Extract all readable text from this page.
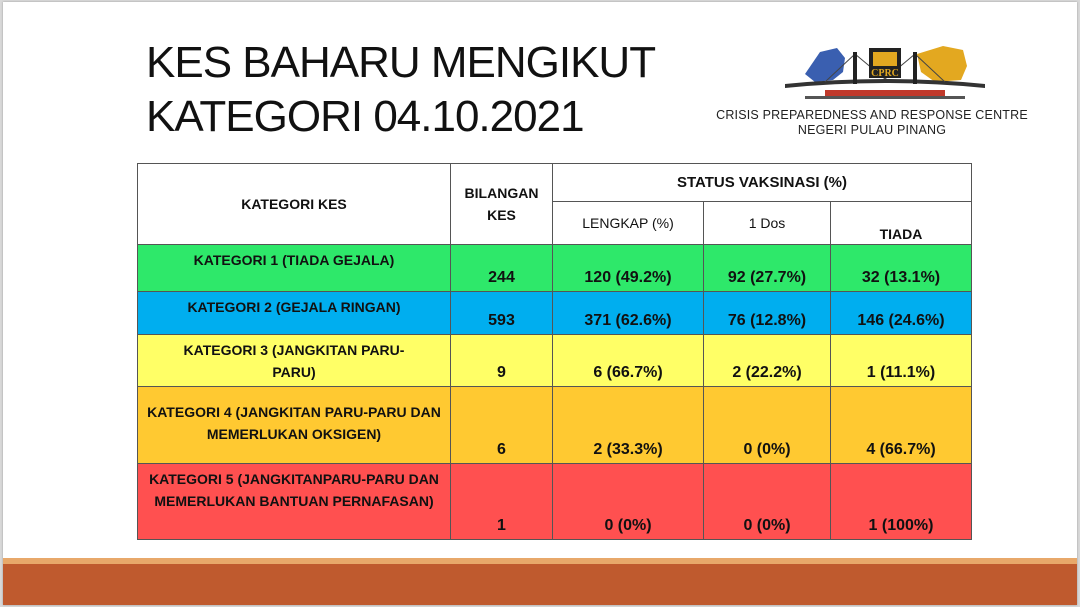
KES BAHARU MENGIKUT
KATEGORI 04.10.2021
CPRC
CRISIS PREPAREDNESS AND RESPONSE CENTRE
NEGERI PULAU PINANG
KATEGORI KES	BILANGAN KES	STATUS VAKSINASI (%)		
		LENGKAP (%)	1 Dos	TIADA
KATEGORI 1 (TIADA GEJALA)	244	120 (49.2%)	92 (27.7%)	32 (13.1%)
KATEGORI 2 (GEJALA RINGAN)	593	371 (62.6%)	76 (12.8%)	146 (24.6%)
KATEGORI 3 (JANGKITAN PARU-PARU)	9	6 (66.7%)	2 (22.2%)	1 (11.1%)
KATEGORI 4 (JANGKITAN PARU-PARU DAN MEMERLUKAN OKSIGEN)	6	2 (33.3%)	0 (0%)	4 (66.7%)
KATEGORI 5 (JANGKITANPARU-PARU DAN MEMERLUKAN BANTUAN PERNAFASAN)	1	0 (0%)	0 (0%)	1 (100%)
